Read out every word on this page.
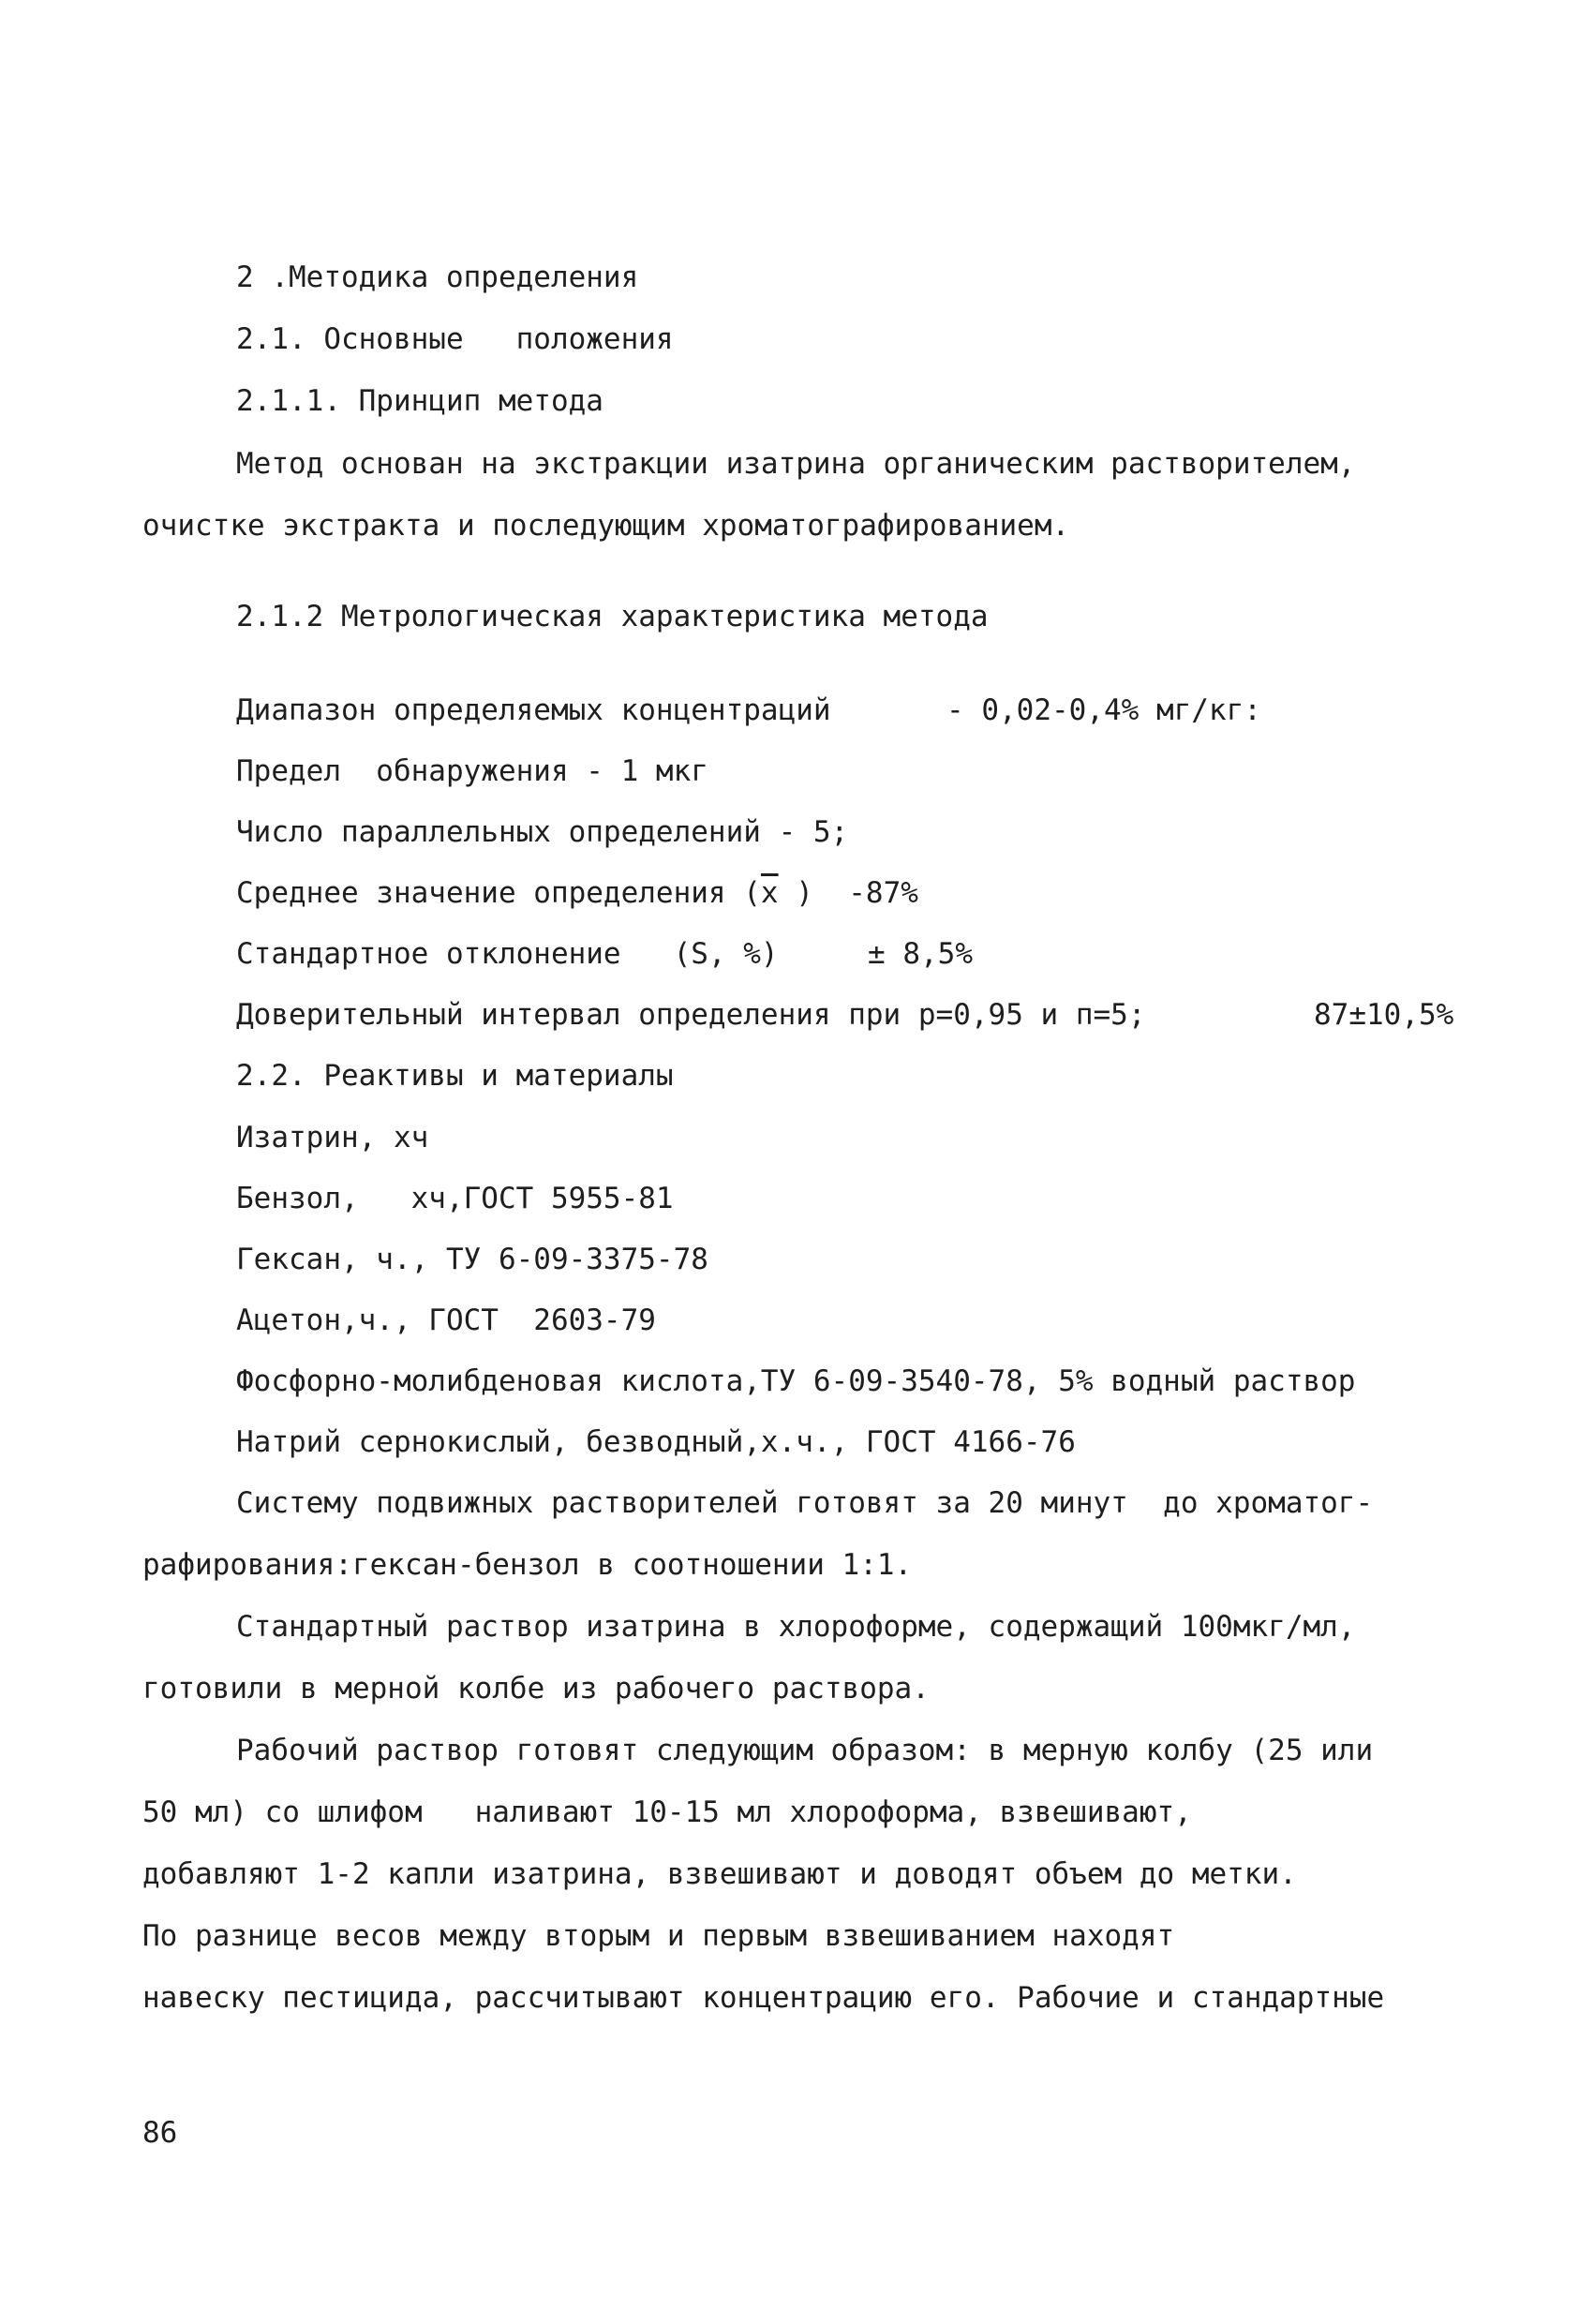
2 .Методика определения
2.1. Основные   положения
2.1.1. Принцип метода
Метод основан на экстракции изатрина органическим растворителем,
очистке экстракта и последующим хроматографированием.
2.1.2 Метрологическая характеристика метода
Диапазон определяемых концентраций	- 0,02-0,4% мг/кг:
Предел  обнаружения - 1 мкг
Число параллельных определений - 5;
Среднее значение определения ($\overline{x}$ )  -87%
Стандартное отклонение   (S, %)	± 8,5%
Доверительный интервал определения при р=0,95 и п=5;	87±10,5%
2.2. Реактивы и материалы
Изатрин, хч
Бензол,   хч,ГОСТ 5955-81
Гексан, ч., ТУ 6-09-3375-78
Ацетон,ч., ГОСТ  2603-79
Фосфорно-молибденовая кислота,ТУ 6-09-3540-78, 5% водный раствор
Натрий сернокислый, безводный,х.ч., ГОСТ 4166-76
Систему подвижных растворителей готовят за 20 минут  до хроматог-
рафирования:гексан-бензол в соотношении 1:1.
Стандартный раствор изатрина в хлороформе, содержащий 100мкг/мл,
готовили в мерной колбе из рабочего раствора.
Рабочий раствор готовят следующим образом: в мерную колбу (25 или
50 мл) со шлифом   наливают 10-15 мл хлороформа, взвешивают,
добавляют 1-2 капли изатрина, взвешивают и доводят объем до метки.
По разнице весов между вторым и первым взвешиванием находят
навеску пестицида, рассчитывают концентрацию его. Рабочие и стандартные
86
